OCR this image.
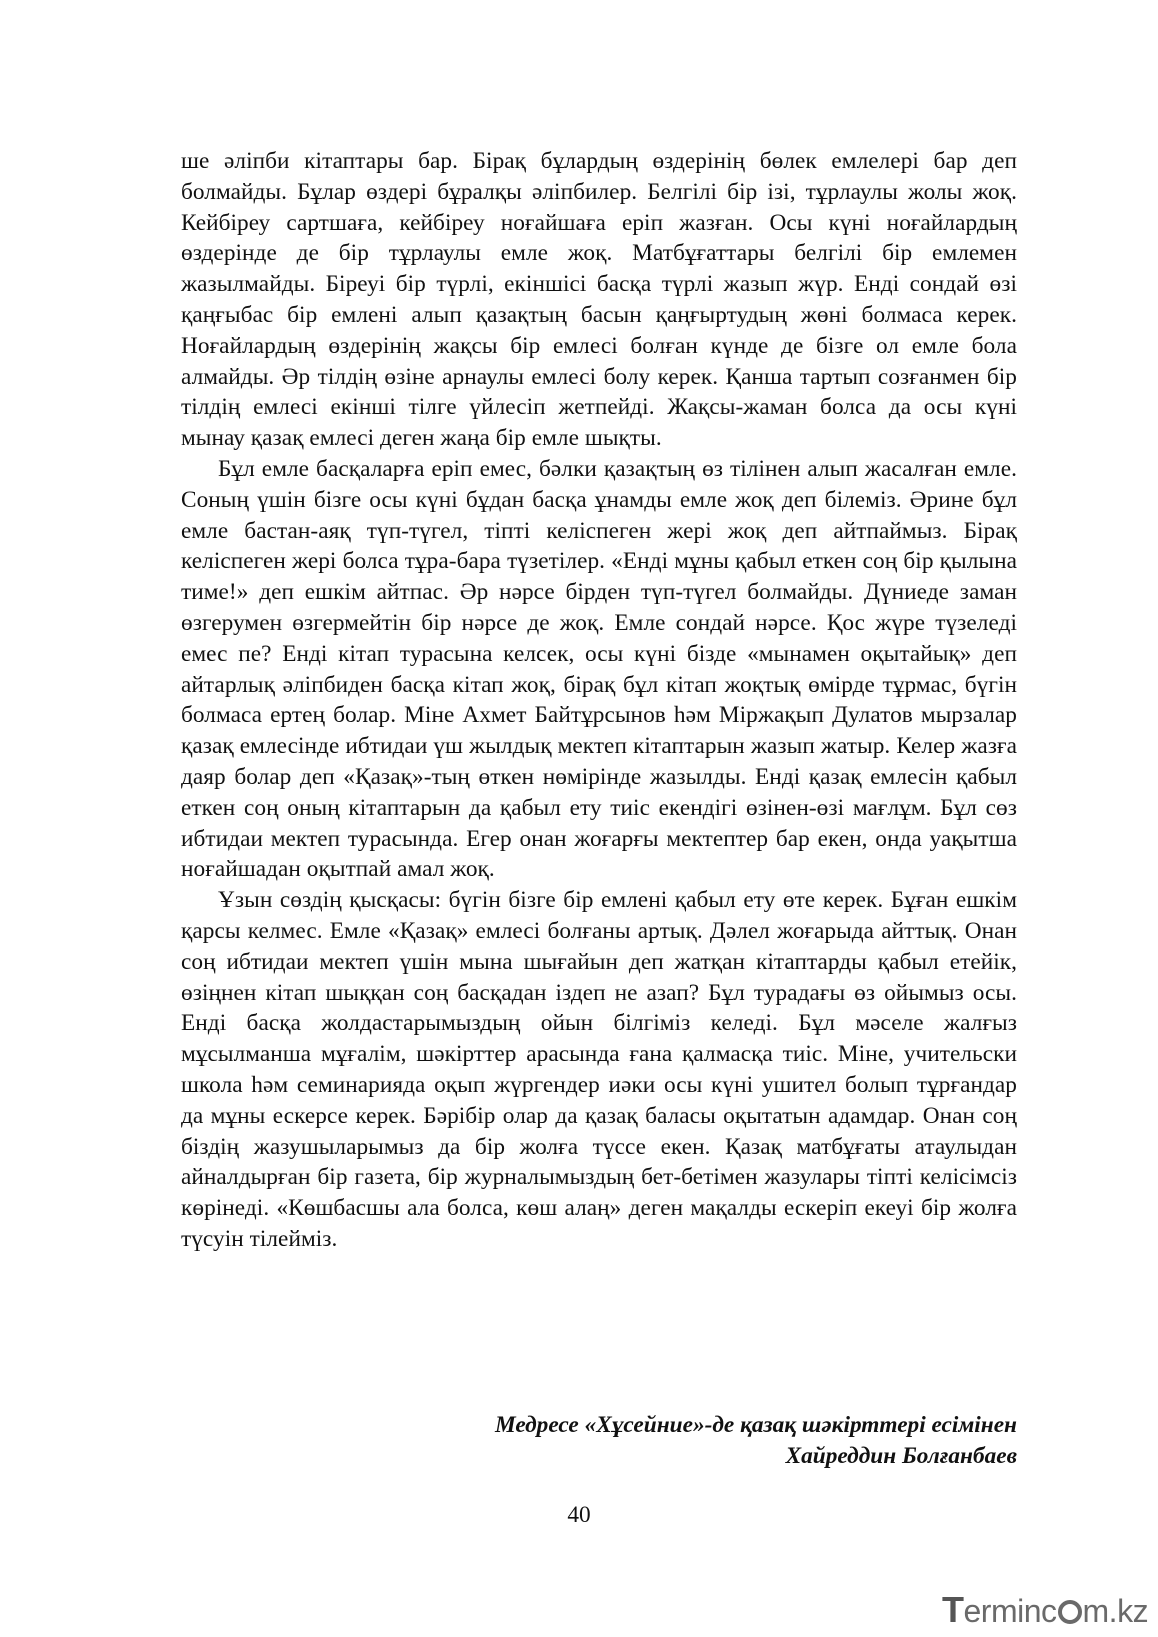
ше әліпби кітаптары бар. Бірақ бұлардың өздерінің бөлек емлелері бар деп болмайды. Бұлар өздері бұралқы әліпбилер. Белгілі бір ізі, тұрлаулы жолы жоқ. Кейбіреу сартшаға, кейбіреу ноғайшаға еріп жазған. Осы күні ноғайлардың өздерінде де бір тұрлаулы емле жоқ. Матбұғаттары белгілі бір емлемен жазылмайды. Біреуі бір түрлі, екіншісі басқа түрлі жазып жүр. Енді сондай өзі қаңғыбас бір емлені алып қазақтың басын қаңғыртудың жөні болмаса керек. Ноғайлардың өздерінің жақсы бір емлесі болған күнде де бізге ол емле бола алмайды. Әр тілдің өзіне арнаулы емлесі болу керек. Қанша тартып созғанмен бір тілдің емлесі екінші тілге үйлесіп жетпейді. Жақсы-жаман болса да осы күні мынау қазақ емлесі деген жаңа бір емле шықты.

Бұл емле басқаларға еріп емес, бәлки қазақтың өз тілінен алып жасалған емле. Соның үшін бізге осы күні бұдан басқа ұнамды емле жоқ деп білеміз. Әрине бұл емле бастан-аяқ түп-түгел, тіпті келіспеген жері жоқ деп айтпаймыз. Бірақ келіспеген жері болса тұра-бара түзетілер. «Енді мұны қабыл еткен соң бір қылына тиме!» деп ешкім айтпас. Әр нәрсе бірден түп-түгел болмайды. Дүниеде заман өзгерумен өзгермейтін бір нәрсе де жоқ. Емле сондай нәрсе. Қос жүре түзеледі емес пе? Енді кітап турасына келсек, осы күні бізде «мынамен оқытайық» деп айтарлық әліпбиден басқа кітап жоқ, бірақ бұл кітап жоқтық өмірде тұрмас, бүгін болмаса ертең болар. Міне Ахмет Байтұрсынов һәм Міржақып Дулатов мырзалар қазақ емлесінде ибтидаи үш жылдық мектеп кітаптарын жазып жатыр. Келер жазға даяр болар деп «Қазақ»-тың өткен нөмірінде жазылды. Енді қазақ емлесін қабыл еткен соң оның кітаптарын да қабыл ету тиіс екендігі өзінен-өзі мағлұм. Бұл сөз ибтидаи мектеп турасында. Егер онан жоғарғы мектептер бар екен, онда уақытша ноғайшадан оқытпай амал жоқ.

Ұзын сөздің қысқасы: бүгін бізге бір емлені қабыл ету өте керек. Бұған ешкім қарсы келмес. Емле «Қазақ» емлесі болғаны артық. Дәлел жоғарыда айттық. Онан соң ибтидаи мектеп үшін мына шығайын деп жатқан кітаптарды қабыл етейік, өзіңнен кітап шыққан соң басқадан іздеп не азап? Бұл турадағы өз ойымыз осы. Енді басқа жолдастарымыздың ойын білгіміз келеді. Бұл мәселе жалғыз мұсылманша мұғалім, шәкірттер арасында ғана қалмасқа тиіс. Міне, учительски школа һәм семинарияда оқып жүргендер иәки осы күні ушител болып тұрғандар да мұны ескерсе керек. Бәрібір олар да қазақ баласы оқытатын адамдар. Онан соң біздің жазушыларымыз да бір жолға түссе екен. Қазақ матбұғаты атаулыдан айналдырған бір газета, бір журналымыздың бет-бетімен жазулары тіпті келісімсіз көрінеді. «Көшбасшы ала болса, көш алаң» деген мақалды ескеріп екеуі бір жолға түсуін тілейміз.

Медресе «Хұсейние»-де қазақ шәкірттері есімінен
Хайреддин Болғанбаев
40
Terminc m.kz
